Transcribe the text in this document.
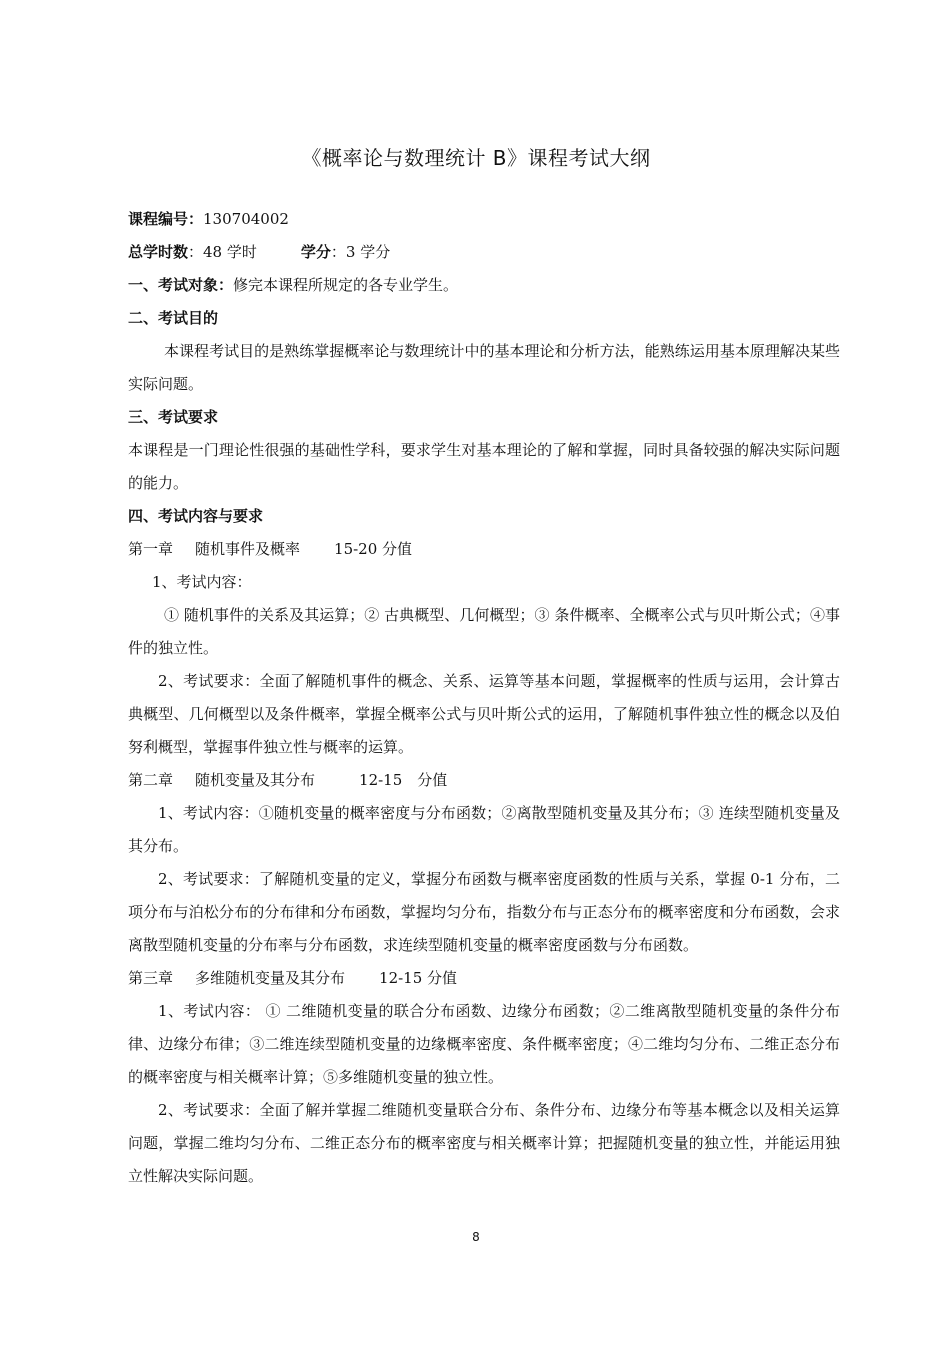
《概率论与数理统计 B》课程考试大纲
课程编号：130704002
总学时数：48 学时	学分：3 学分
一、考试对象：修完本课程所规定的各专业学生。
二、考试目的
本课程考试目的是熟练掌握概率论与数理统计中的基本理论和分析方法，能熟练运用基本原理解决某些实际问题。
三、考试要求
本课程是一门理论性很强的基础性学科，要求学生对基本理论的了解和掌握，同时具备较强的解决实际问题的能力。
四、考试内容与要求
第一章 随机事件及概率 15-20 分值
1、考试内容：
① 随机事件的关系及其运算；② 古典概型、几何概型；③ 条件概率、全概率公式与贝叶斯公式；④事件的独立性。
2、考试要求：全面了解随机事件的概念、关系、运算等基本问题，掌握概率的性质与运用，会计算古典概型、几何概型以及条件概率，掌握全概率公式与贝叶斯公式的运用，了解随机事件独立性的概念以及伯努利概型，掌握事件独立性与概率的运算。
第二章 随机变量及其分布	12-15　分值
1、考试内容：①随机变量的概率密度与分布函数；②离散型随机变量及其分布；③ 连续型随机变量及其分布。
2、考试要求：了解随机变量的定义，掌握分布函数与概率密度函数的性质与关系，掌握 0-1 分布，二项分布与泊松分布的分布律和分布函数，掌握均匀分布，指数分布与正态分布的概率密度和分布函数，会求离散型随机变量的分布率与分布函数，求连续型随机变量的概率密度函数与分布函数。
第三章 多维随机变量及其分布 12-15 分值
1、考试内容： ① 二维随机变量的联合分布函数、边缘分布函数；②二维离散型随机变量的条件分布律、边缘分布律；③二维连续型随机变量的边缘概率密度、条件概率密度；④二维均匀分布、二维正态分布的概率密度与相关概率计算；⑤多维随机变量的独立性。
2、考试要求：全面了解并掌握二维随机变量联合分布、条件分布、边缘分布等基本概念以及相关运算问题，掌握二维均匀分布、二维正态分布的概率密度与相关概率计算；把握随机变量的独立性，并能运用独立性解决实际问题。
8
